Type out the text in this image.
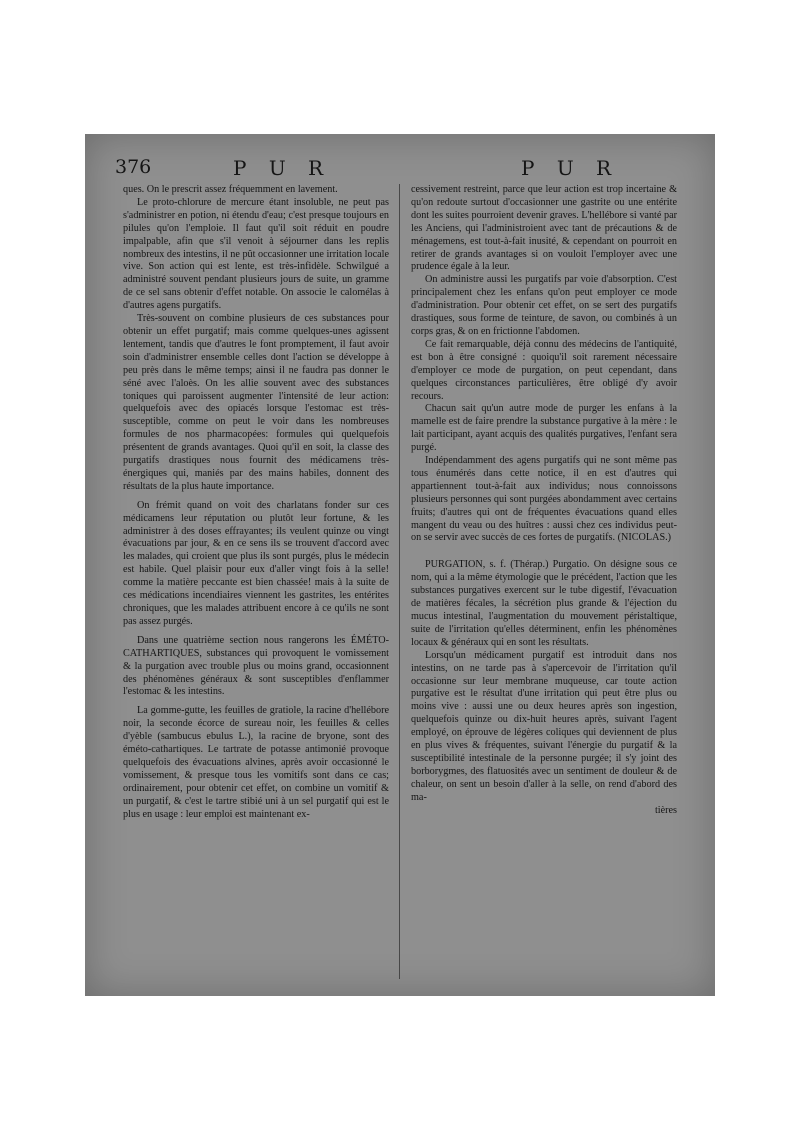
376	P U R	P U R

ques. On le prescrit assez fréquemment en lavement.

Le proto-chlorure de mercure étant insoluble, ne peut pas s'administrer en potion, ni étendu d'eau; c'est presque toujours en pilules qu'on l'emploie. Il faut qu'il soit réduit en poudre impalpable, afin que s'il venoit à séjourner dans les replis nombreux des intestins, il ne pût occasionner une irritation locale vive. Son action qui est lente, est très-infidèle. Schwilgué a administré souvent pendant plusieurs jours de suite, un gramme de ce sel sans obtenir d'effet notable. On associe le calomélas à d'autres agens purgatifs.

Très-souvent on combine plusieurs de ces substances pour obtenir un effet purgatif; mais comme quelques-unes agissent lentement, tandis que d'autres le font promptement, il faut avoir soin d'administrer ensemble celles dont l'action se développe à peu près dans le même temps; ainsi il ne faudra pas donner le séné avec l'aloès. On les allie souvent avec des substances toniques qui paroissent augmenter l'intensité de leur action: quelquefois avec des opiacés lorsque l'estomac est très-susceptible, comme on peut le voir dans les nombreuses formules de nos pharmacopées: formules qui quelquefois présentent de grands avantages. Quoi qu'il en soit, la classe des purgatifs drastiques nous fournit des médicamens très-énergiques qui, maniés par des mains habiles, donnent des résultats de la plus haute importance.

On frémit quand on voit des charlatans fonder sur ces médicamens leur réputation ou plutôt leur fortune, & les administrer à des doses effrayantes; ils veulent quinze ou vingt évacuations par jour, & en ce sens ils se trouvent d'accord avec les malades, qui croient que plus ils sont purgés, plus le médecin est habile. Quel plaisir pour eux d'aller vingt fois à la selle! comme la matière peccante est bien chassée! mais à la suite de ces médications incendiaires viennent les gastrites, les entérites chroniques, que les malades attribuent encore à ce qu'ils ne sont pas assez purgés.

Dans une quatrième section nous rangerons les ÉMÉTO-CATHARTIQUES, substances qui provoquent le vomissement & la purgation avec trouble plus ou moins grand, occasionnent des phénomènes généraux & sont susceptibles d'enflammer l'estomac & les intestins.

La gomme-gutte, les feuilles de gratiole, la racine d'hellébore noir, la seconde écorce de sureau noir, les feuilles & celles d'yèble (sambucus ebulus L.), la racine de bryone, sont des éméto-cathartiques. Le tartrate de potasse antimonié provoque quelquefois des évacuations alvines, après avoir occasionné le vomissement, & presque tous les vomitifs sont dans ce cas; ordinairement, pour obtenir cet effet, on combine un vomitif & un purgatif, & c'est le tartre stibié uni à un sel purgatif qui est le plus en usage : leur emploi est maintenant ex-

cessivement restreint, parce que leur action est trop incertaine & qu'on redoute surtout d'occasionner une gastrite ou une entérite dont les suites pourroient devenir graves. L'hellébore si vanté par les Anciens, qui l'administroient avec tant de précautions & de ménagemens, est tout-à-fait inusité, & cependant on pourroit en retirer de grands avantages si on vouloit l'employer avec une prudence égale à la leur.

On administre aussi les purgatifs par voie d'absorption. C'est principalement chez les enfans qu'on peut employer ce mode d'administration. Pour obtenir cet effet, on se sert des purgatifs drastiques, sous forme de teinture, de savon, ou combinés à un corps gras, & on en frictionne l'abdomen.

Ce fait remarquable, déjà connu des médecins de l'antiquité, est bon à être consigné : quoiqu'il soit rarement nécessaire d'employer ce mode de purgation, on peut cependant, dans quelques circonstances particulières, être obligé d'y avoir recours.

Chacun sait qu'un autre mode de purger les enfans à la mamelle est de faire prendre la substance purgative à la mère : le lait participant, ayant acquis des qualités purgatives, l'enfant sera purgé.

Indépendamment des agens purgatifs qui ne sont même pas tous énumérés dans cette notice, il en est d'autres qui appartiennent tout-à-fait aux individus; nous connoissons plusieurs personnes qui sont purgées abondamment avec certains fruits; d'autres qui ont de fréquentes évacuations quand elles mangent du veau ou des huîtres : aussi chez ces individus peut-on se servir avec succès de ces fortes de purgatifs. (NICOLAS.)

PURGATION, s. f. (Thérap.) Purgatio. On désigne sous ce nom, qui a la même étymologie que le précédent, l'action que les substances purgatives exercent sur le tube digestif, l'évacuation de matières fécales, la sécrétion plus grande & l'éjection du mucus intestinal, l'augmentation du mouvement péristaltique, suite de l'irritation qu'elles déterminent, enfin les phénomènes locaux & généraux qui en sont les résultats.

Lorsqu'un médicament purgatif est introduit dans nos intestins, on ne tarde pas à s'apercevoir de l'irritation qu'il occasionne sur leur membrane muqueuse, car toute action purgative est le résultat d'une irritation qui peut être plus ou moins vive : aussi une ou deux heures après son ingestion, quelquefois quinze ou dix-huit heures après, suivant l'agent employé, on éprouve de légères coliques qui deviennent de plus en plus vives & fréquentes, suivant l'énergie du purgatif & la susceptibilité intestinale de la personne purgée; il s'y joint des borborygmes, des flatuosités avec un sentiment de douleur & de chaleur, on sent un besoin d'aller à la selle, on rend d'abord des ma-

tières
